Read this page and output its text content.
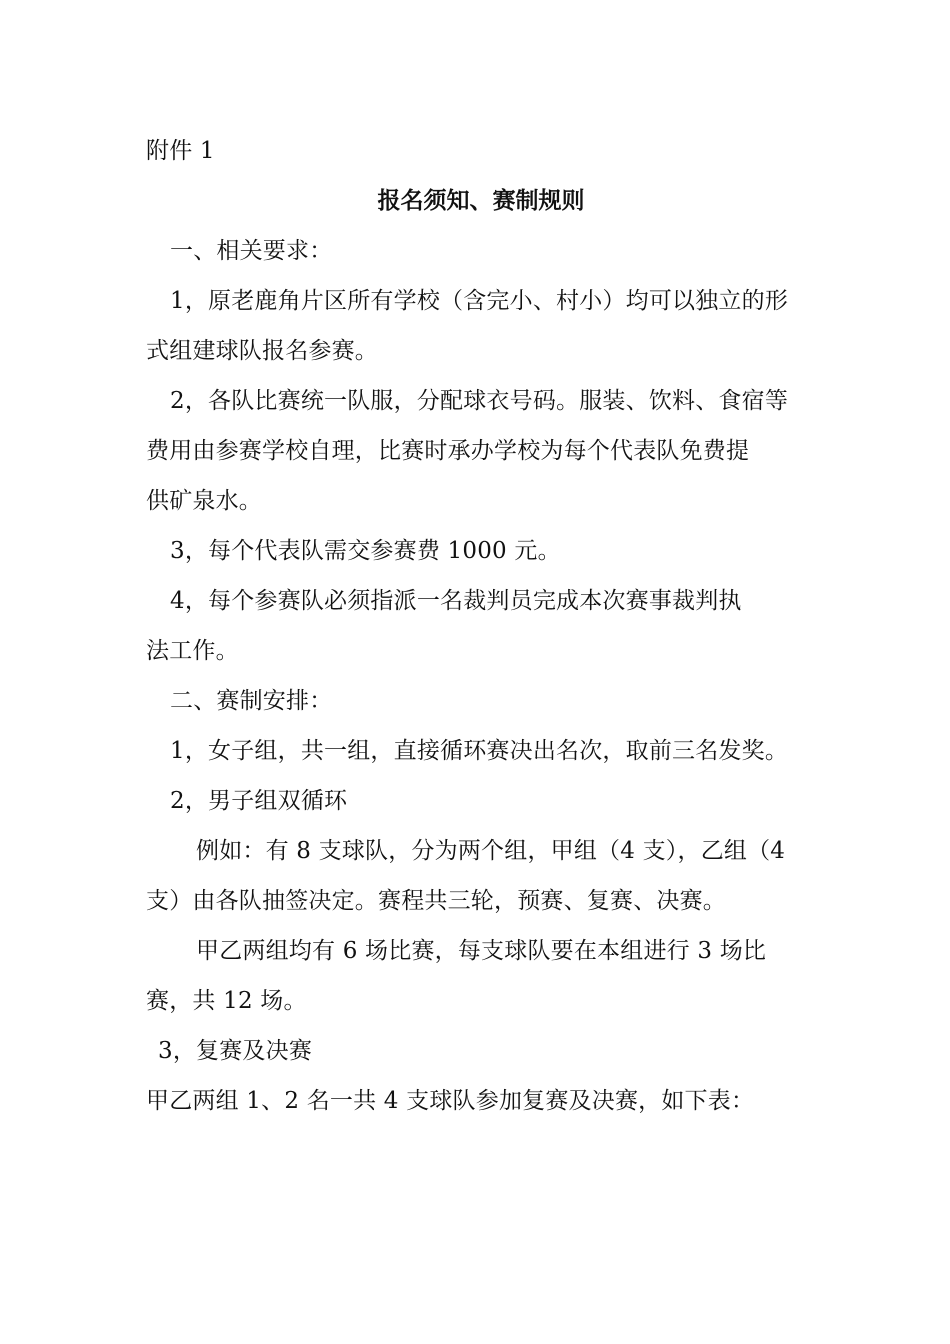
附件 1
报名须知、赛制规则
一、相关要求：
1，原老鹿角片区所有学校（含完小、村小）均可以独立的形
式组建球队报名参赛。
2，各队比赛统一队服，分配球衣号码。服装、饮料、食宿等
费用由参赛学校自理，比赛时承办学校为每个代表队免费提
供矿泉水。
3，每个代表队需交参赛费 1000 元。
4，每个参赛队必须指派一名裁判员完成本次赛事裁判执
法工作。
二、赛制安排：
1，女子组，共一组，直接循环赛决出名次，取前三名发奖。
2，男子组双循环
例如：有 8 支球队，分为两个组，甲组（4 支），乙组（4
支）由各队抽签决定。赛程共三轮，预赛、复赛、决赛。
甲乙两组均有 6 场比赛，每支球队要在本组进行 3 场比
赛，共 12 场。
3，复赛及决赛
甲乙两组 1、2 名一共 4 支球队参加复赛及决赛，如下表：
